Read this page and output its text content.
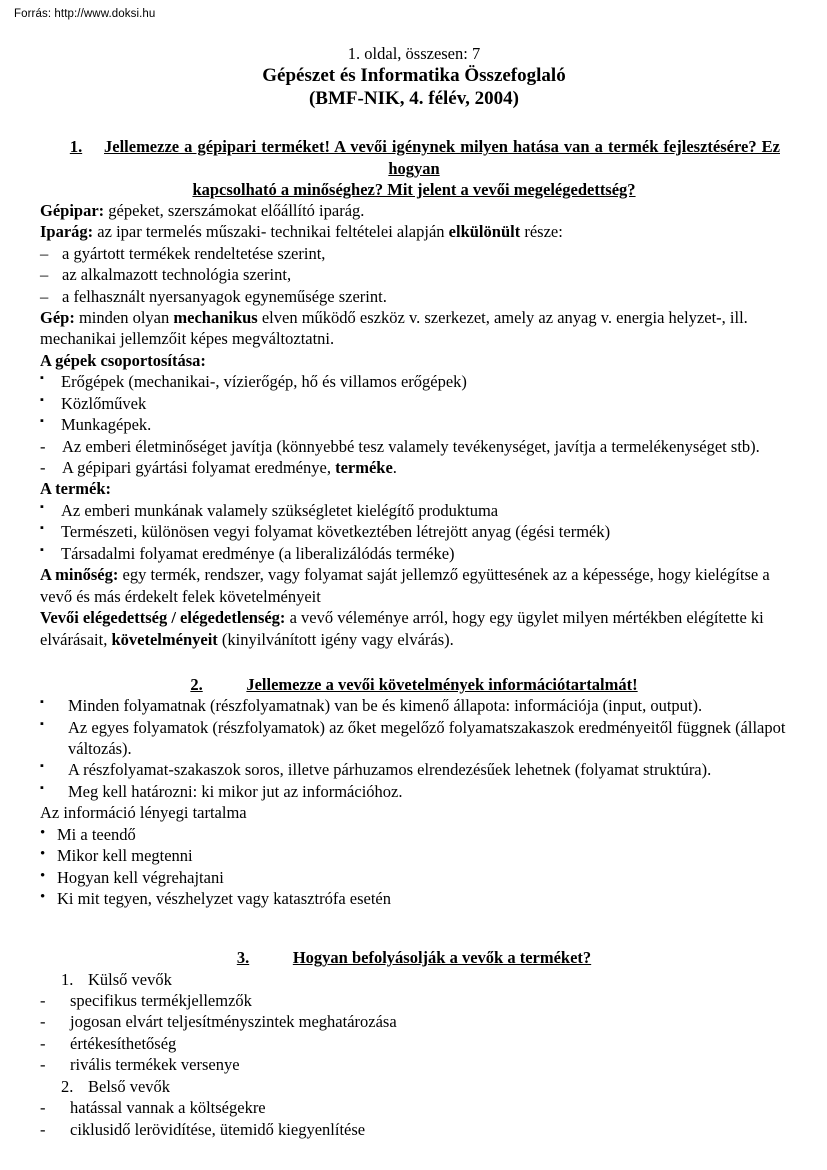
Forrás: http://www.doksi.hu
1. oldal, összesen: 7
Gépészet és Informatika Összefoglaló
(BMF-NIK, 4. félév, 2004)
1. Jellemezze a gépipari terméket! A vevői igénynek milyen hatása van a termék fejlesztésére? Ez hogyan
kapcsolható a minőséghez? Mit jelent a vevői megelégedettség?

Gépipar: gépeket, szerszámokat előállító iparág.

Iparág: az ipar termelés műszaki- technikai feltételei alapján elkülönült része:

– a gyártott termékek rendeltetése szerint,
– az alkalmazott technológia szerint,
– a felhasznált nyersanyagok egyneműsége szerint.

Gép: minden olyan mechanikus elven működő eszköz v. szerkezet, amely az anyag v. energia helyzet-, ill. mechanikai jellemzőit képes megváltoztatni.

A gépek csoportosítása:

▪ Erőgépek (mechanikai-, vízierőgép, hő és villamos erőgépek)
▪ Közlőművek
▪ Munkagépek.
- Az emberi életminőséget javítja (könnyebbé tesz valamely tevékenységet, javítja a termelékenységet stb).
- A gépipari gyártási folyamat eredménye, terméke.

A termék:

▪ Az emberi munkának valamely szükségletet kielégítő produktuma
▪ Természeti, különösen vegyi folyamat következtében létrejött anyag (égési termék)
▪ Társadalmi folyamat eredménye (a liberalizálódás terméke)

A minőség: egy termék, rendszer, vagy folyamat saját jellemző együttesének az a képessége, hogy kielégítse a vevő és más érdekelt felek követelményeit

Vevői elégedettség / elégedetlenség: a vevő véleménye arról, hogy egy ügylet milyen mértékben elégítette ki elvárásait, követelményeit (kinyilvánított igény vagy elvárás).

2.	Jellemezze a vevői követelmények információtartalmát!
▪ Minden folyamatnak (részfolyamatnak) van be és kimenő állapota: információja (input, output).
▪ Az egyes folyamatok (részfolyamatok) az őket megelőző folyamatszakaszok eredményeitől függnek (állapot változás).
▪ A részfolyamat-szakaszok soros, illetve párhuzamos elrendezésűek lehetnek (folyamat struktúra).
▪ Meg kell határozni: ki mikor jut az információhoz.

Az információ lényegi tartalma

• Mi a teendő
• Mikor kell megtenni
• Hogyan kell végrehajtani
• Ki mit tegyen, vészhelyzet vagy katasztrófa esetén
3.	Hogyan befolyásolják a vevők a terméket?
1. Külső vevők
- specifikus termékjellemzők
- jogosan elvárt teljesítményszintek meghatározása
- értékesíthetőség
- rivális termékek versenye
2. Belső vevők
- hatással vannak a költségekre
- ciklusidő lerövidítése, ütemidő kiegyenlítése
